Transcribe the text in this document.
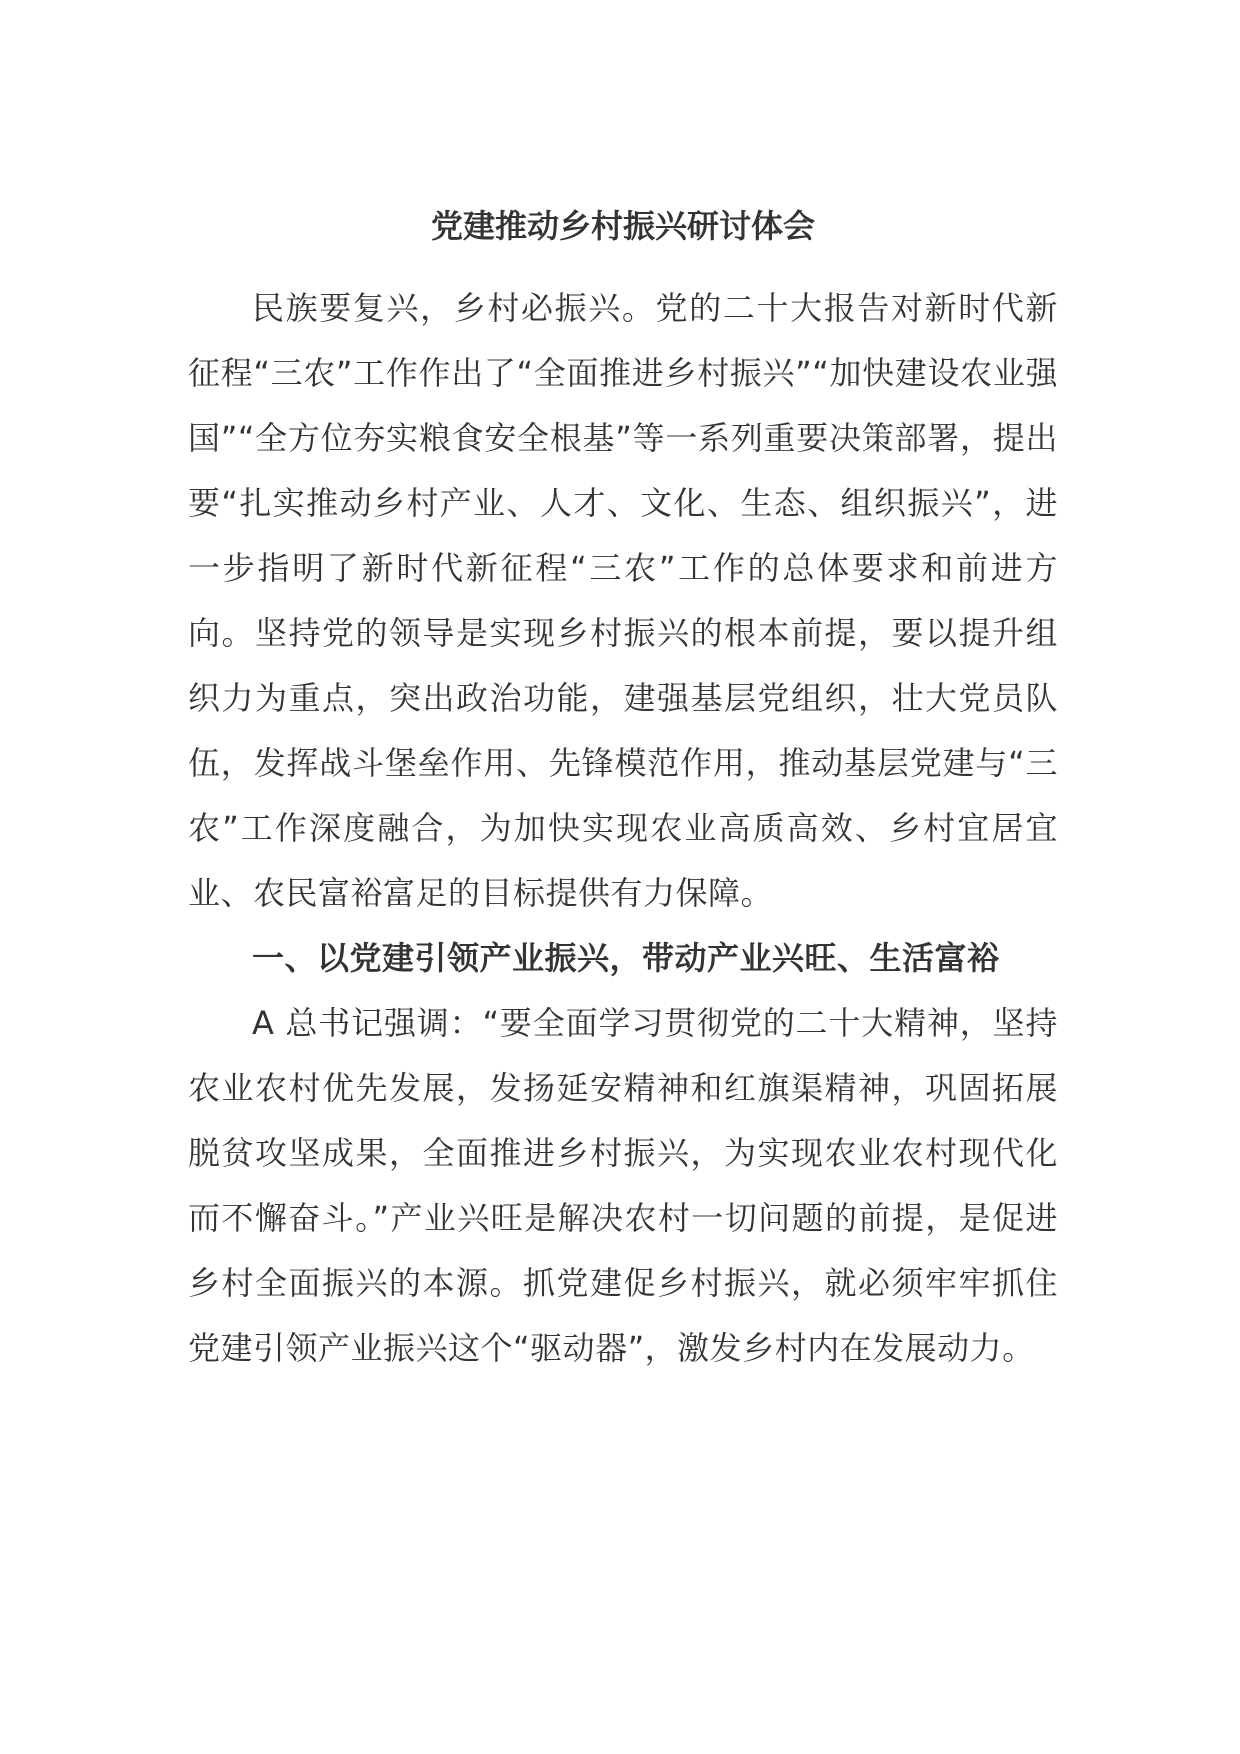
党建推动乡村振兴研讨体会

民族要复兴，乡村必振兴。党的二十大报告对新时代新征程“三农”工作作出了“全面推进乡村振兴”“加快建设农业强国”“全方位夯实粮食安全根基”等一系列重要决策部署，提出要“扎实推动乡村产业、人才、文化、生态、组织振兴”，进一步指明了新时代新征程“三农”工作的总体要求和前进方向。坚持党的领导是实现乡村振兴的根本前提，要以提升组织力为重点，突出政治功能，建强基层党组织，壮大党员队伍，发挥战斗堡垒作用、先锋模范作用，推动基层党建与“三农”工作深度融合，为加快实现农业高质高效、乡村宜居宜业、农民富裕富足的目标提供有力保障。

一、以党建引领产业振兴，带动产业兴旺、生活富裕

A 总书记强调：“要全面学习贯彻党的二十大精神，坚持农业农村优先发展，发扬延安精神和红旗渠精神，巩固拓展脱贫攻坚成果，全面推进乡村振兴，为实现农业农村现代化而不懈奋斗。”产业兴旺是解决农村一切问题的前提，是促进乡村全面振兴的本源。抓党建促乡村振兴，就必须牢牢抓住党建引领产业振兴这个“驱动器”，激发乡村内在发展动力。
